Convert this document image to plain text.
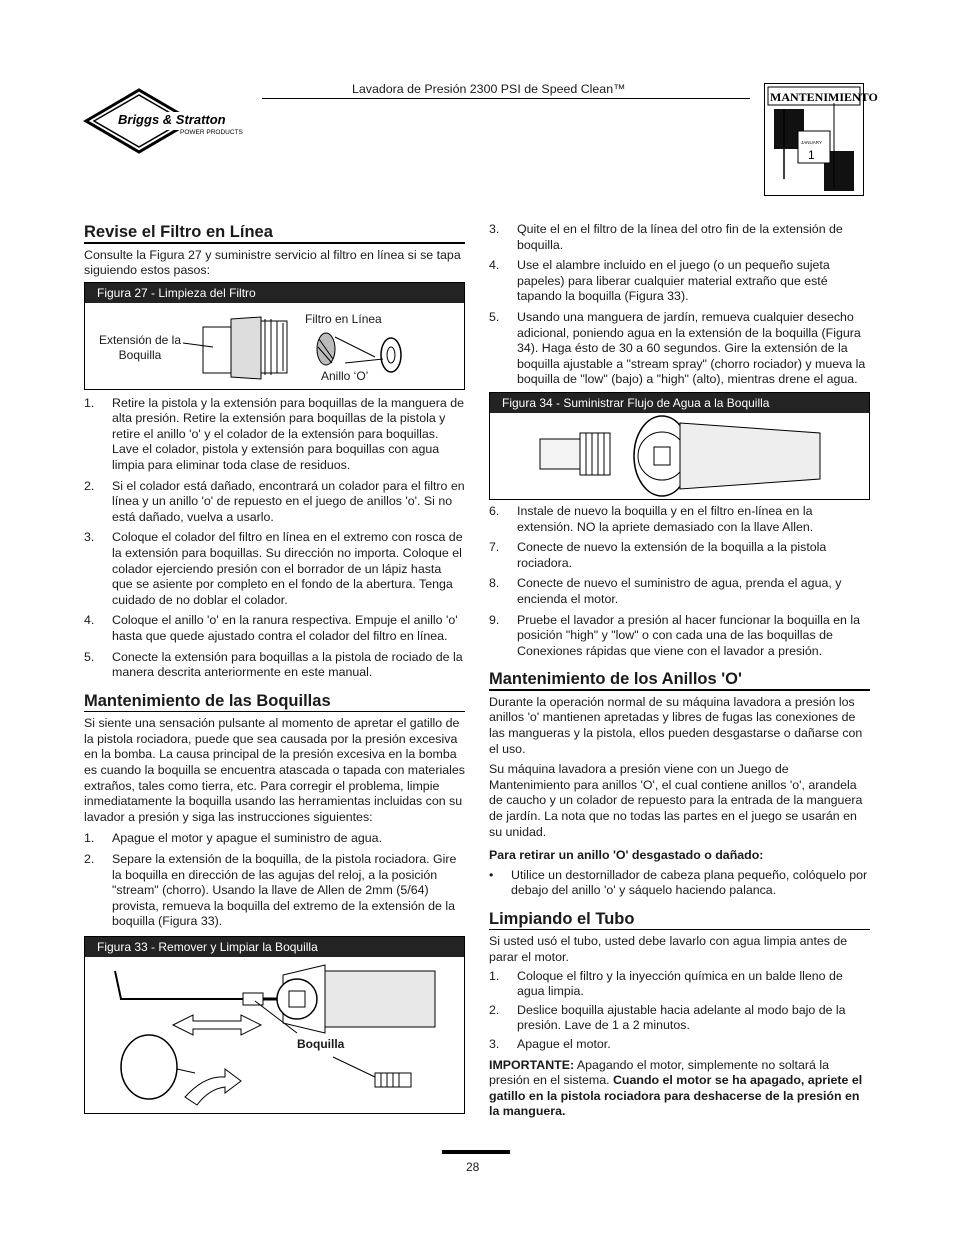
Lavadora de Presión 2300 PSI de Speed Clean™
Briggs & Stratton
POWER PRODUCTS
MANTENIMIENTO
JANUARY
1
Revise el Filtro en Línea

Consulte la Figura 27 y suministre servicio al filtro en línea si se tapa siguiendo estos pasos:

Figura 27 - Limpieza del Filtro
Extensión de la Boquilla
Filtro en Línea
Anillo ‘O’
1. Retire la pistola y la extensión para boquillas de la manguera de alta presión. Retire la extensión para boquillas de la pistola y retire el anillo 'o' y el colador de la extensión para boquillas. Lave el colador, pistola y extensión para boquillas con agua limpia para eliminar toda clase de residuos.
2. Si el colador está dañado, encontrará un colador para el filtro en línea y un anillo 'o' de repuesto en el juego de anillos 'o'. Si no está dañado, vuelva a usarlo.
3. Coloque el colador del filtro en línea en el extremo con rosca de la extensión para boquillas. Su dirección no importa. Coloque el colador ejerciendo presión con el borrador de un lápiz hasta que se asiente por completo en el fondo de la abertura. Tenga cuidado de no doblar el colador.
4. Coloque el anillo 'o' en la ranura respectiva. Empuje el anillo 'o' hasta que quede ajustado contra el colador del filtro en línea.
5. Conecte la extensión para boquillas a la pistola de rociado de la manera descrita anteriormente en este manual.
Mantenimiento de las Boquillas

Si siente una sensación pulsante al momento de apretar el gatillo de la pistola rociadora, puede que sea causada por la presión excesiva en la bomba. La causa principal de la presión excesiva en la bomba es cuando la boquilla se encuentra atascada o tapada con materiales extraños, tales como tierra, etc. Para corregir el problema, limpie inmediatamente la boquilla usando las herramientas incluidas con su lavador a presión y siga las instrucciones siguientes:

1. Apague el motor y apague el suministro de agua.
2. Separe la extensión de la boquilla, de la pistola rociadora. Gire la boquilla en dirección de las agujas del reloj, a la posición "stream" (chorro). Usando la llave de Allen de 2mm (5/64) provista, remueva la boquilla del extremo de la extensión de la boquilla (Figura 33).
Figura 33 - Remover y Limpiar la Boquilla
Boquilla
3. Quite el en el filtro de la línea del otro fin de la extensión de boquilla.
4. Use el alambre incluido en el juego (o un pequeño sujeta papeles) para liberar cualquier material extraño que esté tapando la boquilla (Figura 33).
5. Usando una manguera de jardín, remueva cualquier desecho adicional, poniendo agua en la extensión de la boquilla (Figura 34). Haga ésto de 30 a 60 segundos. Gire la extensión de la boquilla ajustable a "stream spray" (chorro rociador) y mueva la boquilla de "low" (bajo) a "high" (alto), mientras drene el agua.
Figura 34 - Suministrar Flujo de Agua a la Boquilla
6. Instale de nuevo la boquilla y en el filtro en-línea en la extensión. NO la apriete demasiado con la llave Allen.
7. Conecte de nuevo la extensión de la boquilla a la pistola rociadora.
8. Conecte de nuevo el suministro de agua, prenda el agua, y encienda el motor.
9. Pruebe el lavador a presión al hacer funcionar la boquilla en la posición "high" y "low" o con cada una de las boquillas de Conexiones rápidas que viene con el lavador a presión.
Mantenimiento de los Anillos 'O'

Durante la operación normal de su máquina lavadora a presión los anillos 'o' mantienen apretadas y libres de fugas las conexiones de las mangueras y la pistola, ellos pueden desgastarse o dañarse con el uso.

Su máquina lavadora a presión viene con un Juego de Mantenimiento para anillos 'O', el cual contiene anillos 'o', arandela de caucho y un colador de repuesto para la entrada de la manguera de jardín. La nota que no todas las partes en el juego se usarán en su unidad.

Para retirar un anillo 'O' desgastado o dañado:

• Utilice un destornillador de cabeza plana pequeño, colóquelo por debajo del anillo 'o' y sáquelo haciendo palanca.
Limpiando el Tubo

Si usted usó el tubo, usted debe lavarlo con agua limpia antes de parar el motor.

1. Coloque el filtro y la inyección química en un balde lleno de agua limpia.
2. Deslice boquilla ajustable hacia adelante al modo bajo de la presión. Lave de 1 a 2 minutos.
3. Apague el motor.

IMPORTANTE: Apagando el motor, simplemente no soltará la presión en el sistema. Cuando el motor se ha apagado, apriete el gatillo en la pistola rociadora para deshacerse de la presión en la manguera.

28
